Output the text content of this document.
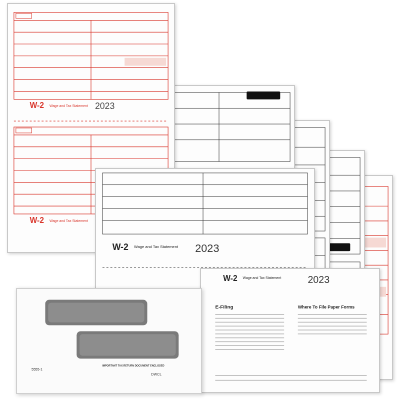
W-2 Wage and Tax Statement 2023
W-2 Wage and Tax Statement
W-2 Wage and Tax Statement 2023
W-2 Wage and Tax Statement	2023
E-Filing	Where To File Paper Forms
5555-1
IMPORTANT TAX RETURN DOCUMENT ENCLOSED
DWCL
